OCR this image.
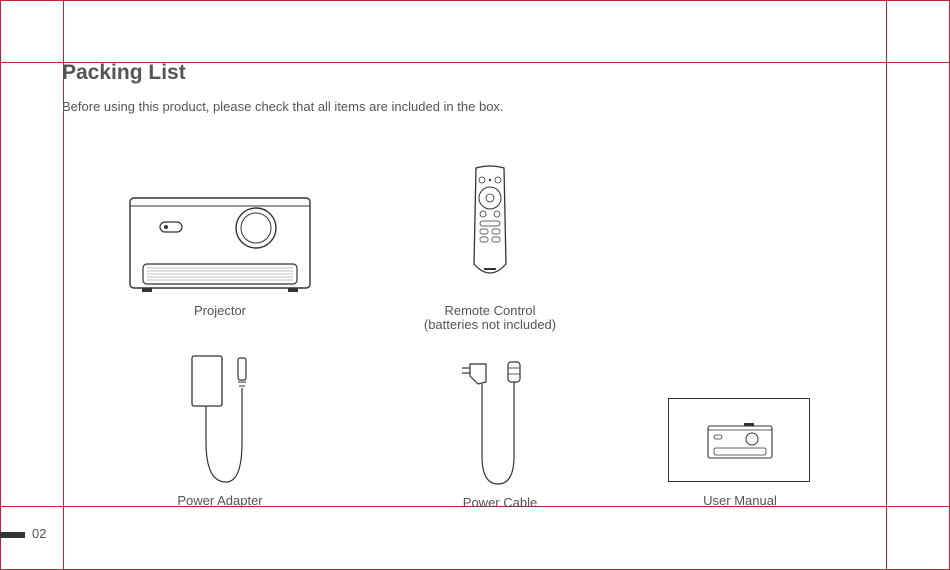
Packing List
Before using this product, please check that all items are included in the box.
Projector	Remote Control
(batteries not included)
Power Adapter	Power Cable	User Manual
02
